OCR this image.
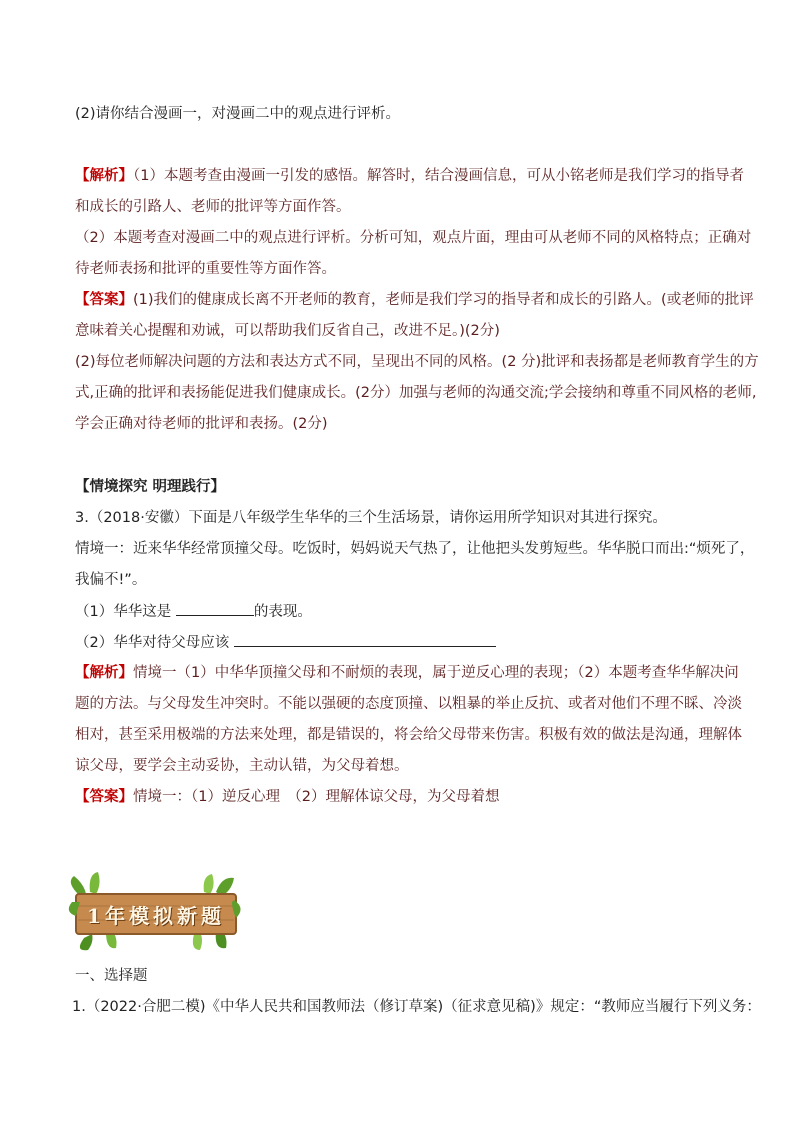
(2)请你结合漫画一，对漫画二中的观点进行评析。
【解析】（1）本题考查由漫画一引发的感悟。解答时，结合漫画信息，可从小铭老师是我们学习的指导者
和成长的引路人、老师的批评等方面作答。
（2）本题考查对漫画二中的观点进行评析。分析可知，观点片面，理由可从老师不同的风格特点；正确对
待老师表扬和批评的重要性等方面作答。
【答案】(1)我们的健康成长离不开老师的教育，老师是我们学习的指导者和成长的引路人。(或老师的批评
意味着关心提醒和劝诫，可以帮助我们反省自己，改进不足。)(2分)
(2)每位老师解决问题的方法和表达方式不同，呈现出不同的风格。(2 分)批评和表扬都是老师教育学生的方
式,正确的批评和表扬能促进我们健康成长。(2分）加强与老师的沟通交流;学会接纳和尊重不同风格的老师,
学会正确对待老师的批评和表扬。(2分)
【情境探究 明理践行】
3.（2018·安徽）下面是八年级学生华华的三个生活场景，请你运用所学知识对其进行探究。
情境一：近来华华经常顶撞父母。吃饭时，妈妈说天气热了，让他把头发剪短些。华华脱口而出:“烦死了，
我偏不!”。
（1）华华这是	的表现。
（2）华华对待父母应该
【解析】情境一（1）中华华顶撞父母和不耐烦的表现，属于逆反心理的表现；（2）本题考查华华解决问
题的方法。与父母发生冲突时。不能以强硬的态度顶撞、以粗暴的举止反抗、或者对他们不理不睬、冷淡
相对，甚至采用极端的方法来处理，都是错误的，将会给父母带来伤害。积极有效的做法是沟通，理解体
谅父母，要学会主动妥协，主动认错，为父母着想。
【答案】情境一：（1）逆反心理　（2）理解体谅父母，为父母着想
1年模拟新题
一、选择题
1.（2022·合肥二模)《中华人民共和国教师法（修订草案)（征求意见稿)》规定：“教师应当履行下列义务：
